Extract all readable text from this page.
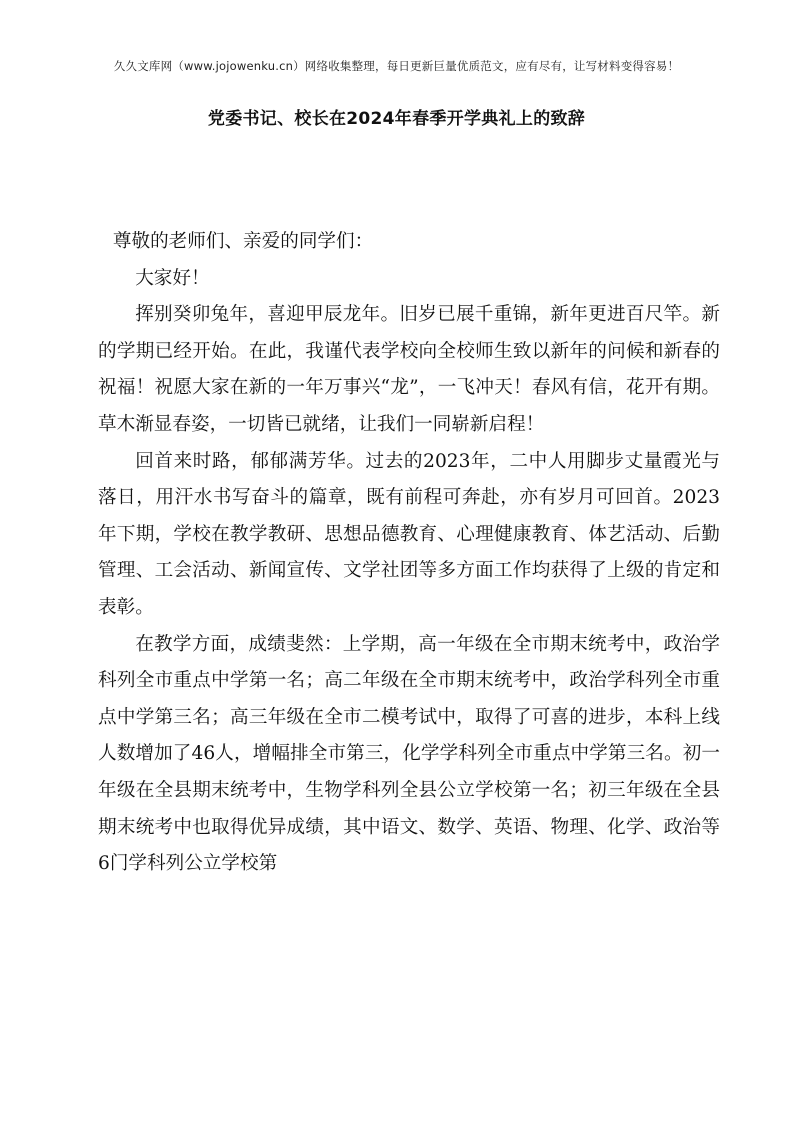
久久文库网（www.jojowenku.cn）网络收集整理，每日更新巨量优质范文，应有尽有，让写材料变得容易！
党委书记、校长在2024年春季开学典礼上的致辞

尊敬的老师们、亲爱的同学们：

大家好！

挥别癸卯兔年，喜迎甲辰龙年。旧岁已展千重锦，新年更进百尺竿。新的学期已经开始。在此，我谨代表学校向全校师生致以新年的问候和新春的祝福！祝愿大家在新的一年万事兴“龙”，一飞冲天！春风有信，花开有期。草木渐显春姿，一切皆已就绪，让我们一同崭新启程！

回首来时路，郁郁满芳华。过去的2023年，二中人用脚步丈量霞光与落日，用汗水书写奋斗的篇章，既有前程可奔赴，亦有岁月可回首。2023年下期，学校在教学教研、思想品德教育、心理健康教育、体艺活动、后勤管理、工会活动、新闻宣传、文学社团等多方面工作均获得了上级的肯定和表彰。

在教学方面，成绩斐然：上学期，高一年级在全市期末统考中，政治学科列全市重点中学第一名；高二年级在全市期末统考中，政治学科列全市重点中学第三名；高三年级在全市二模考试中，取得了可喜的进步，本科上线人数增加了46人，增幅排全市第三，化学学科列全市重点中学第三名。初一年级在全县期末统考中，生物学科列全县公立学校第一名；初三年级在全县期末统考中也取得优异成绩，其中语文、数学、英语、物理、化学、政治等6门学科列公立学校第
